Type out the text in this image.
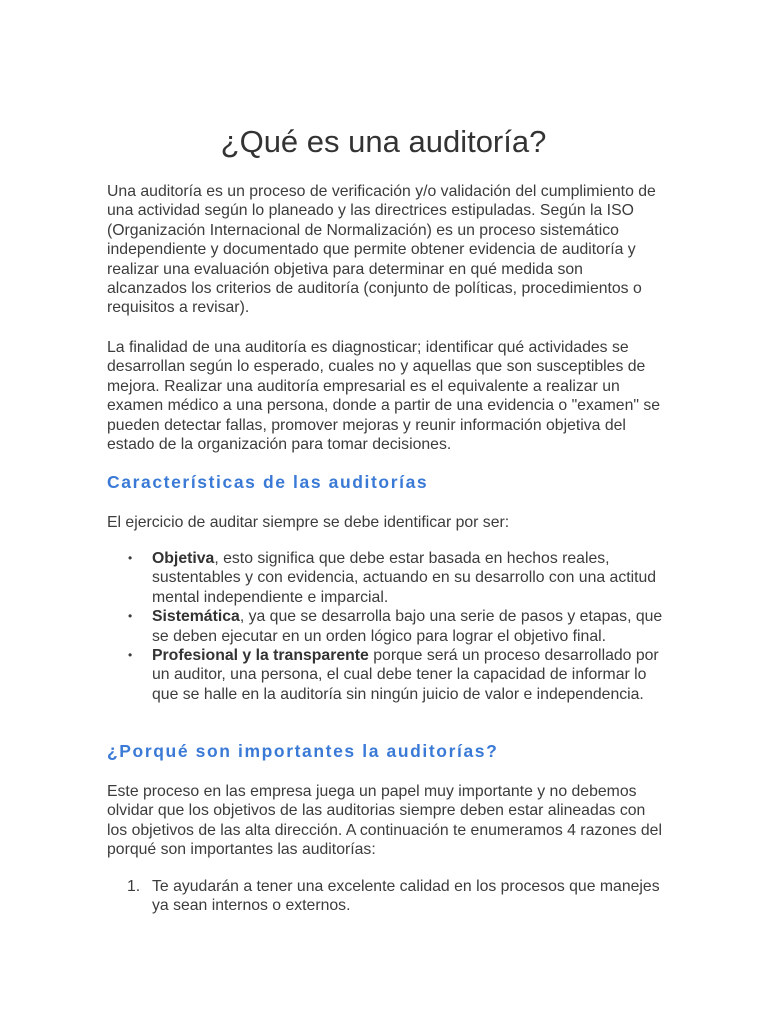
¿Qué es una auditoría?

Una auditoría es un proceso de verificación y/o validación del cumplimiento de una actividad según lo planeado y las directrices estipuladas. Según la ISO (Organización Internacional de Normalización) es un proceso sistemático independiente y documentado que permite obtener evidencia de auditoría y realizar una evaluación objetiva para determinar en qué medida son alcanzados los criterios de auditoría (conjunto de políticas, procedimientos o requisitos a revisar).

La finalidad de una auditoría es diagnosticar; identificar qué actividades se desarrollan según lo esperado, cuales no y aquellas que son susceptibles de mejora. Realizar una auditoría empresarial es el equivalente a realizar un examen médico a una persona, donde a partir de una evidencia o "examen" se pueden detectar fallas, promover mejoras y reunir información objetiva del estado de la organización para tomar decisiones.

Características de las auditorías

El ejercicio de auditar siempre se debe identificar por ser:

• Objetiva, esto significa que debe estar basada en hechos reales, sustentables y con evidencia, actuando en su desarrollo con una actitud mental independiente e imparcial.
• Sistemática, ya que se desarrolla bajo una serie de pasos y etapas, que se deben ejecutar en un orden lógico para lograr el objetivo final.
• Profesional y la transparente porque será un proceso desarrollado por un auditor, una persona, el cual debe tener la capacidad de informar lo que se halle en la auditoría sin ningún juicio de valor e independencia.
¿Porqué son importantes la auditorías?

Este proceso en las empresa juega un papel muy importante y no debemos olvidar que los objetivos de las auditorias siempre deben estar alineadas con los objetivos de las alta dirección. A continuación te enumeramos 4 razones del porqué son importantes las auditorías:

1. Te ayudarán a tener una excelente calidad en los procesos que manejes ya sean internos o externos.
